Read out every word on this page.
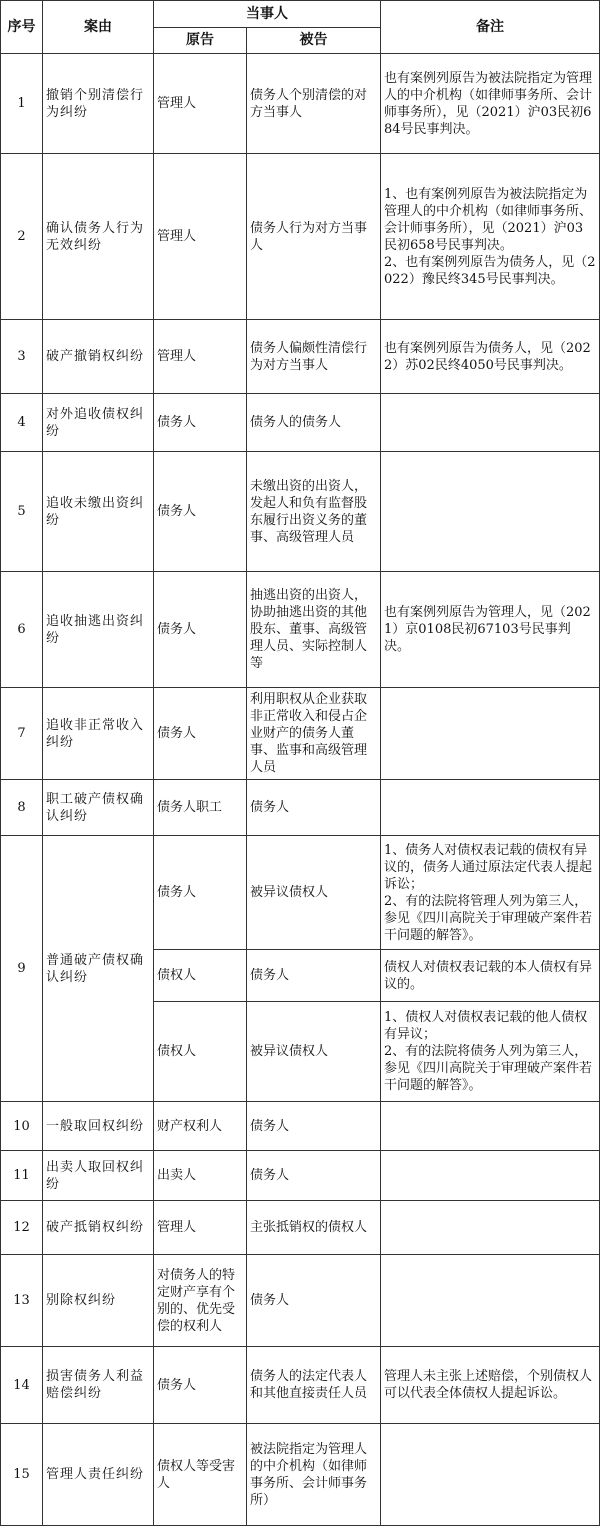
序号	案由	当事人		备注
		原告	被告	
1	撤销个别清偿行为纠纷	管理人	债务人个别清偿的对方当事人	也有案例列原告为被法院指定为管理人的中介机构（如律师事务所、会计师事务所），见（2021）沪03民初684号民事判决。

2	确认债务人行为无效纠纷	管理人	债务人行为对方当事人	1、也有案例列原告为被法院指定为管理人的中介机构（如律师事务所、会计师事务所），见（2021）沪03民初658号民事判决。
2、也有案例列原告为债务人，见（2022）豫民终345号民事判决。

3	破产撤销权纠纷	管理人	债务人偏颇性清偿行为对方当事人	也有案例列原告为债务人，见（2022）苏02民终4050号民事判决。

4	对外追收债权纠纷	债务人	债务人的债务人	
5	追收未缴出资纠纷	债务人	未缴出资的出资人，发起人和负有监督股东履行出资义务的董事、高级管理人员	
6	追收抽逃出资纠纷	债务人	抽逃出资的出资人，协助抽逃出资的其他股东、董事、高级管理人员、实际控制人等	也有案例列原告为管理人，见（2021）京0108民初67103号民事判决。

7	追收非正常收入纠纷	债务人	利用职权从企业获取非正常收入和侵占企业财产的债务人董事、监事和高级管理人员	
8	职工破产债权确认纠纷	债务人职工	债务人	
9	普通破产债权确认纠纷	债务人	被异议债权人	1、债务人对债权表记载的债权有异议的，债务人通过原法定代表人提起诉讼；
2、有的法院将管理人列为第三人，参见《四川高院关于审理破产案件若干问题的解答》。

		债权人	债务人	债权人对债权表记载的本人债权有异议的。

		债权人	被异议债权人	1、债权人对债权表记载的他人债权有异议；
2、有的法院将债务人列为第三人，参见《四川高院关于审理破产案件若干问题的解答》。

10	一般取回权纠纷	财产权利人	债务人	
11	出卖人取回权纠纷	出卖人	债务人	
12	破产抵销权纠纷	管理人	主张抵销权的债权人	
13	别除权纠纷	对债务人的特定财产享有个别的、优先受偿的权利人	债务人	
14	损害债务人利益赔偿纠纷	债务人	债务人的法定代表人和其他直接责任人员	管理人未主张上述赔偿，个别债权人可以代表全体债权人提起诉讼。

15	管理人责任纠纷	债权人等受害人	被法院指定为管理人的中介机构（如律师事务所、会计师事务所）	
